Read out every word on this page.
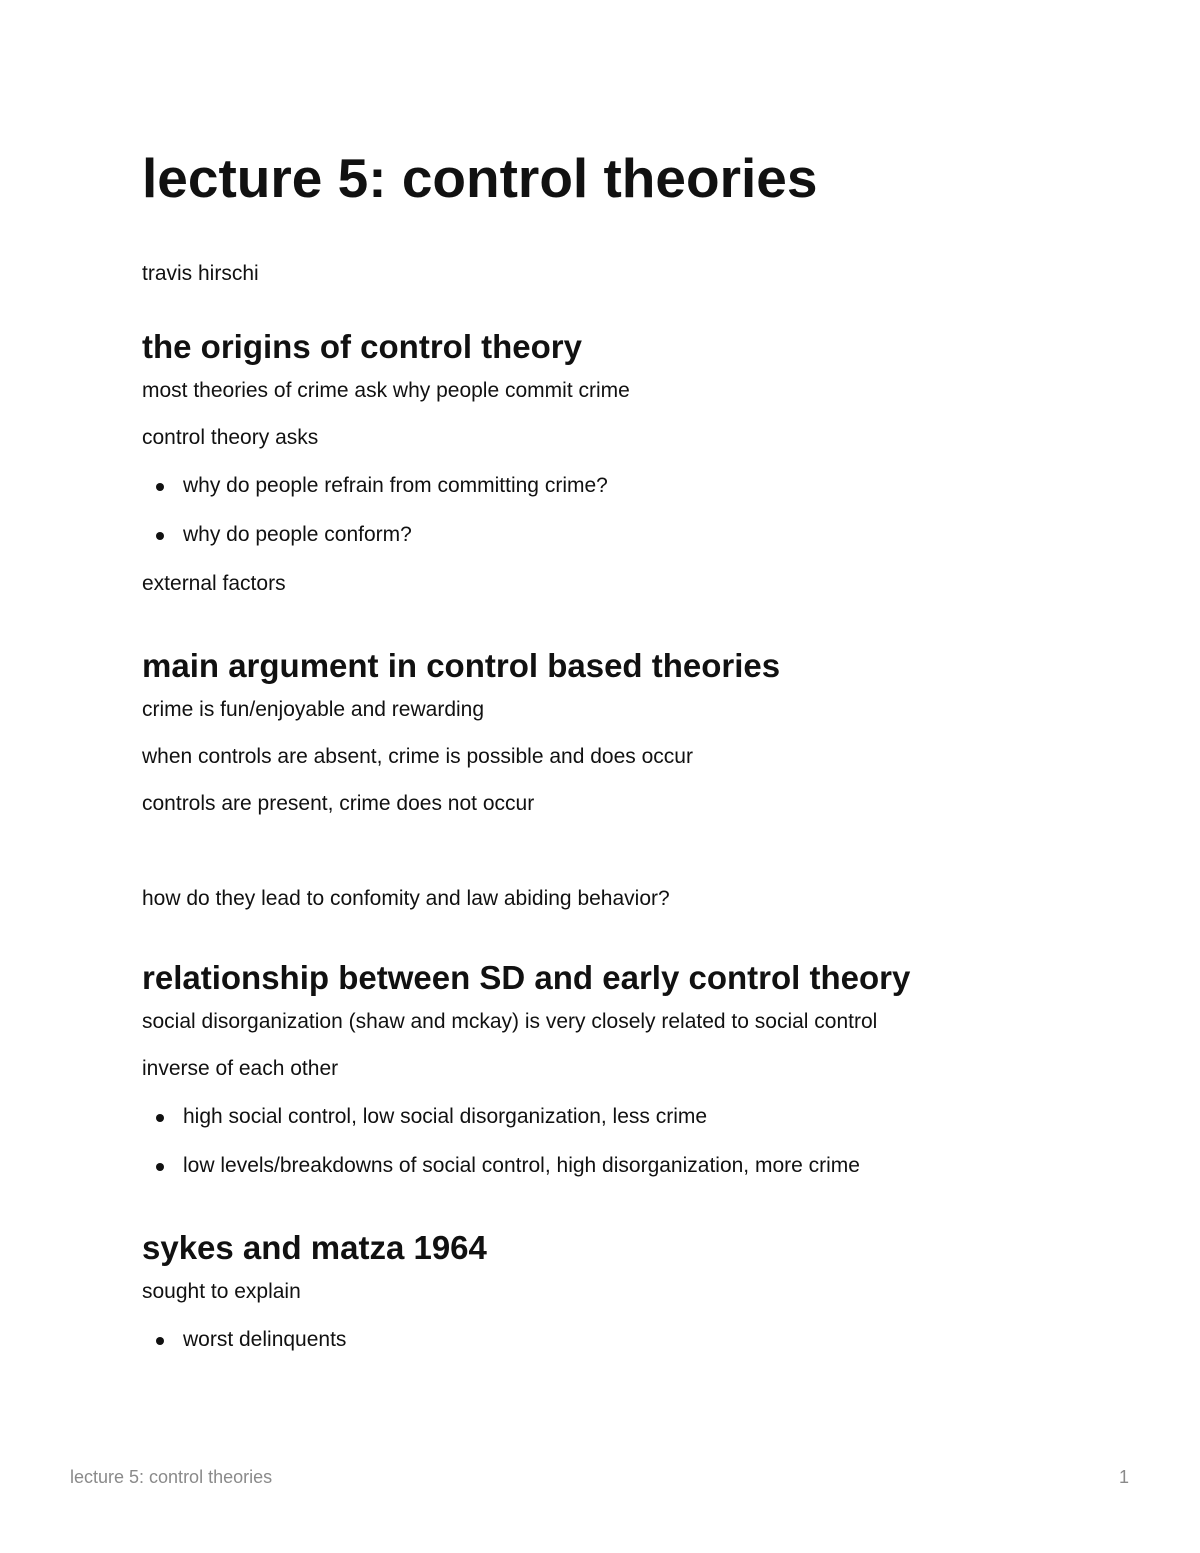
lecture 5: control theories

travis hirschi

the origins of control theory

most theories of crime ask why people commit crime

control theory asks

why do people refrain from committing crime?
why do people conform?

external factors

main argument in control based theories

crime is fun/enjoyable and rewarding

when controls are absent, crime is possible and does occur

controls are present, crime does not occur

how do they lead to confomity and law abiding behavior?

relationship between SD and early control theory

social disorganization (shaw and mckay) is very closely related to social control

inverse of each other

high social control, low social disorganization, less crime
low levels/breakdowns of social control, high disorganization, more crime
sykes and matza 1964

sought to explain

worst delinquents
lecture 5: control theories	1
